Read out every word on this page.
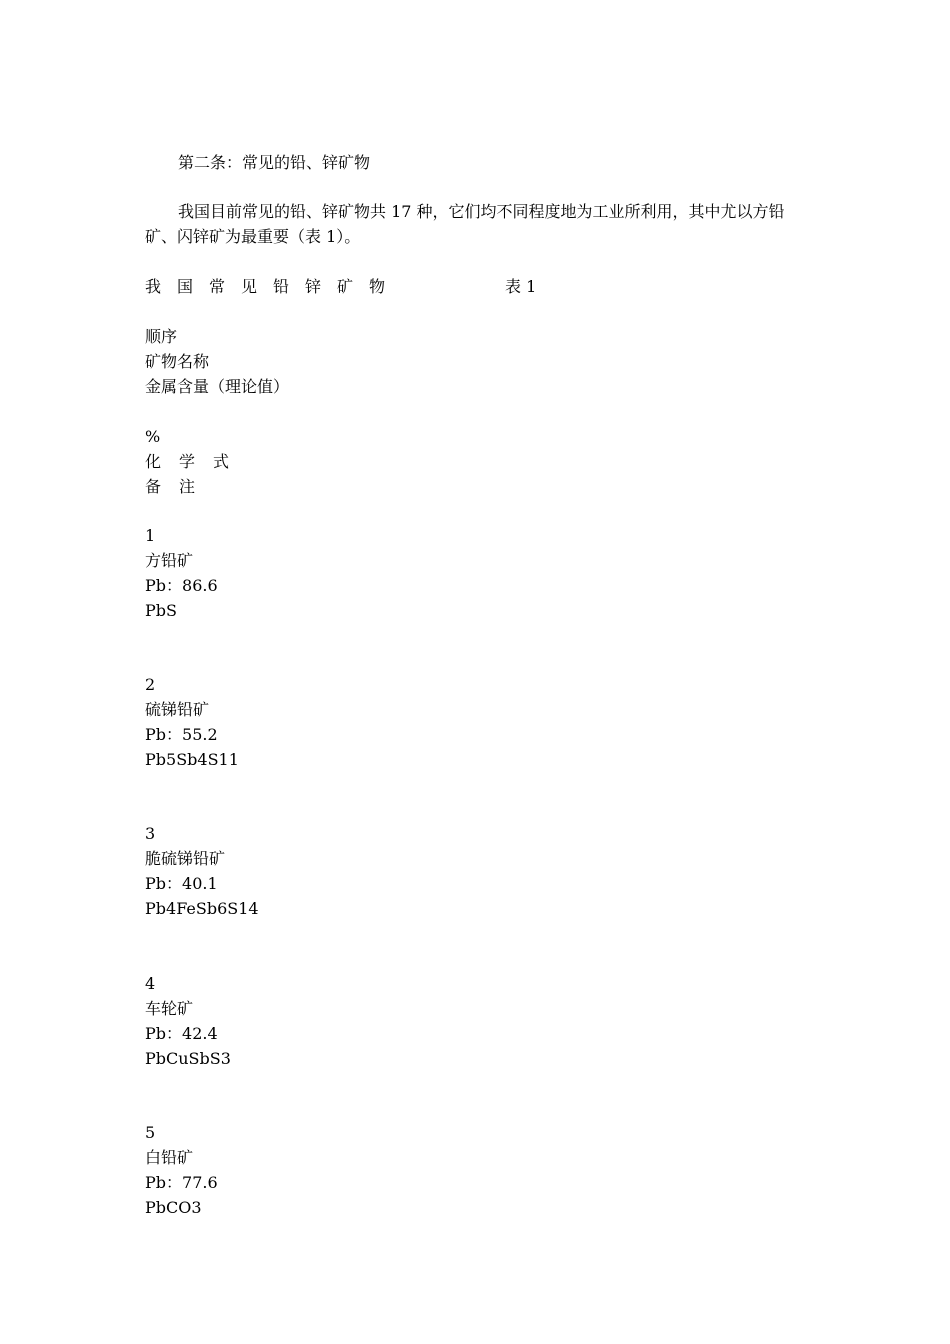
第二条：常见的铅、锌矿物
我国目前常见的铅、锌矿物共 17 种，它们均不同程度地为工业所利用，其中尤以方铅矿、闪锌矿为最重要（表 1）。
我国常见铅锌矿物	表 1
顺序
矿物名称
金属含量（理论值）
%
化学式
备注
1
方铅矿
Pb：86.6
PbS
2
硫锑铅矿
Pb：55.2
Pb5Sb4S11
3
脆硫锑铅矿
Pb：40.1
Pb4FeSb6S14
4
车轮矿
Pb：42.4
PbCuSbS3
5
白铅矿
Pb：77.6
PbCO3
